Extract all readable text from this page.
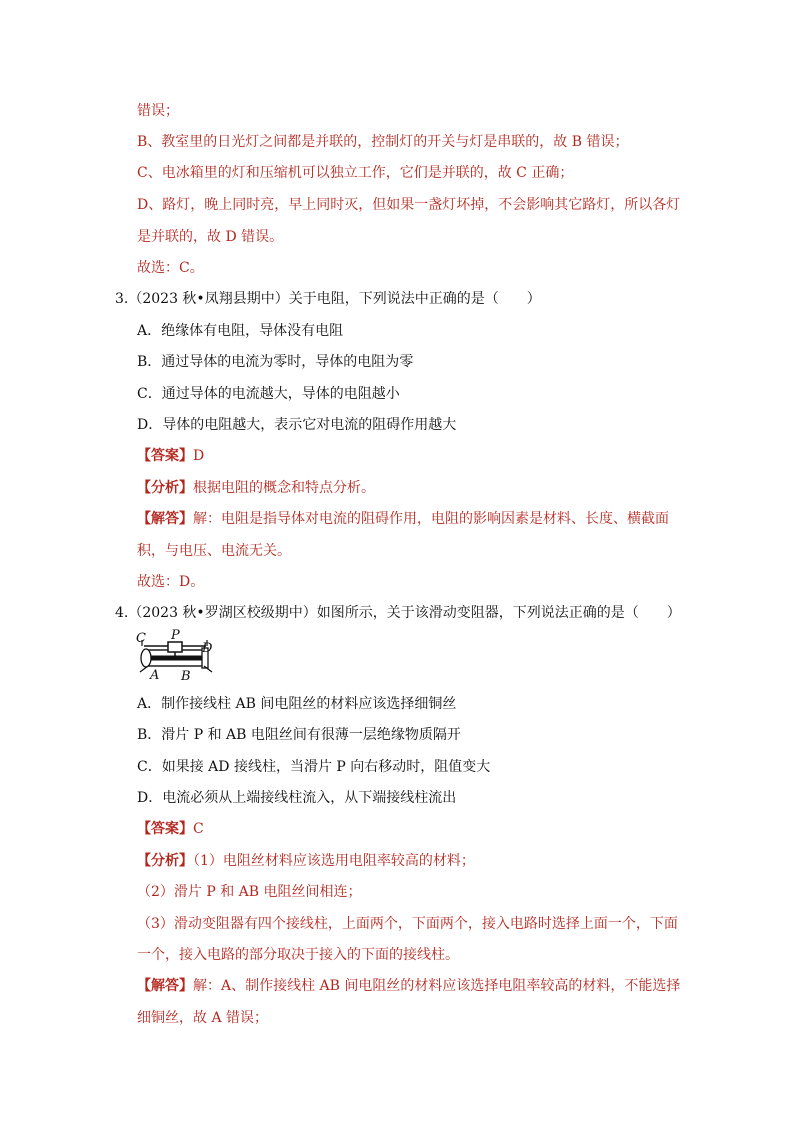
错误；
B、教室里的日光灯之间都是并联的，控制灯的开关与灯是串联的，故 B 错误；
C、电冰箱里的灯和压缩机可以独立工作，它们是并联的，故 C 正确；
D、路灯，晚上同时亮，早上同时灭，但如果一盏灯坏掉，不会影响其它路灯，所以各灯
是并联的，故 D 错误。
故选：C。
3.（2023 秋•凤翔县期中）关于电阻，下列说法中正确的是（　　）
A．绝缘体有电阻，导体没有电阻
B．通过导体的电流为零时，导体的电阻为零
C．通过导体的电流越大，导体的电阻越小
D．导体的电阻越大，表示它对电流的阻碍作用越大
【答案】D
【分析】根据电阻的概念和特点分析。
【解答】解：电阻是指导体对电流的阻碍作用，电阻的影响因素是材料、长度、横截面
积，与电压、电流无关。
故选：D。
4.（2023 秋•罗湖区校级期中）如图所示，关于该滑动变阻器，下列说法正确的是（　　）
C P
D
A B
A．制作接线柱 AB 间电阻丝的材料应该选择细铜丝
B．滑片 P 和 AB 电阻丝间有很薄一层绝缘物质隔开
C．如果接 AD 接线柱，当滑片 P 向右移动时，阻值变大
D．电流必须从上端接线柱流入，从下端接线柱流出
【答案】C
【分析】（1）电阻丝材料应该选用电阻率较高的材料；
（2）滑片 P 和 AB 电阻丝间相连；
（3）滑动变阻器有四个接线柱，上面两个，下面两个，接入电路时选择上面一个，下面
一个，接入电路的部分取决于接入的下面的接线柱。
【解答】解：A、制作接线柱 AB 间电阻丝的材料应该选择电阻率较高的材料，不能选择
细铜丝，故 A 错误；
